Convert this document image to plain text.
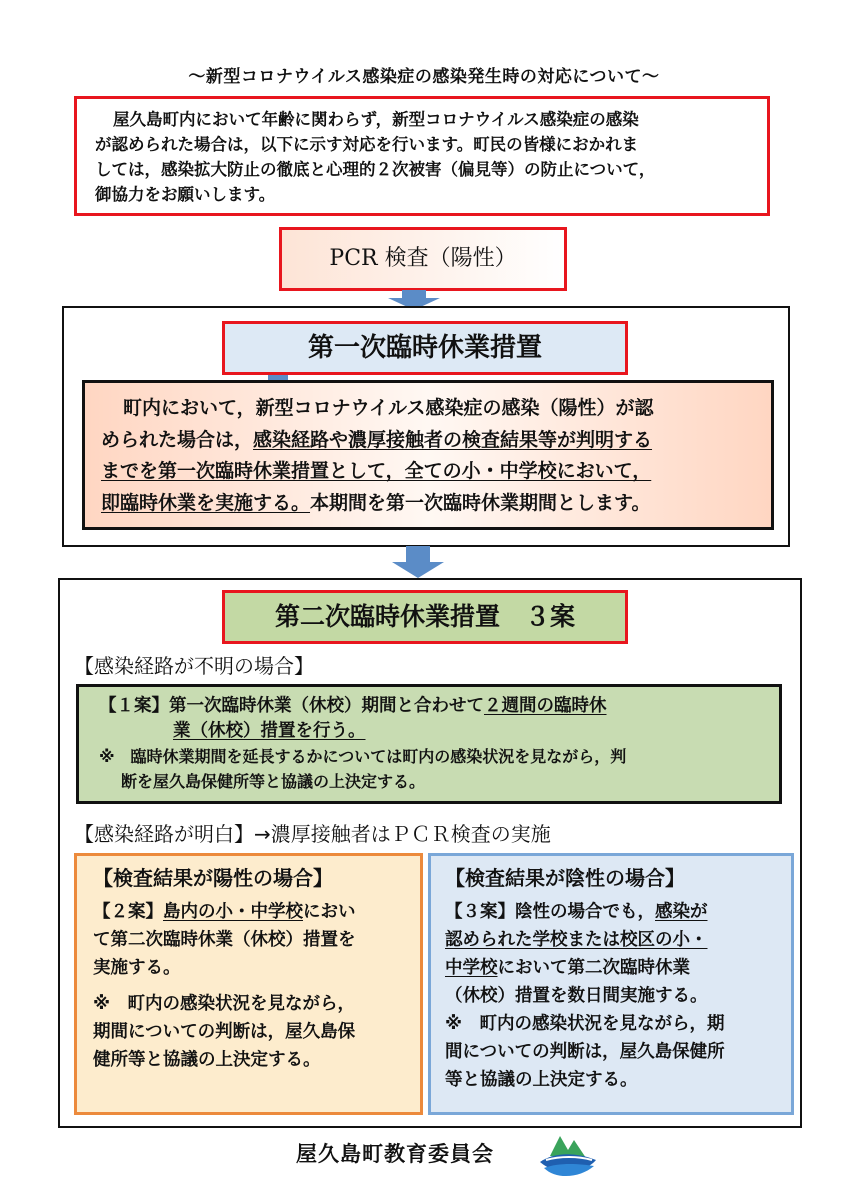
～新型コロナウイルス感染症の感染発生時の対応について～
屋久島町内において年齢に関わらず，新型コロナウイルス感染症の感染
が認められた場合は，以下に示す対応を行います。町民の皆様におかれま
しては，感染拡大防止の徹底と心理的２次被害（偏見等）の防止について，
御協力をお願いします。
PCR 検査（陽性）
第一次臨時休業措置
町内において，新型コロナウイルス感染症の感染（陽性）が認
められた場合は，感染経路や濃厚接触者の検査結果等が判明する
までを第一次臨時休業措置として，全ての小・中学校において，
即臨時休業を実施する。本期間を第一次臨時休業期間とします。
第二次臨時休業措置　３案
【感染経路が不明の場合】
【１案】第一次臨時休業（休校）期間と合わせて２週間の臨時休
業（休校）措置を行う。
※　臨時休業期間を延長するかについては町内の感染状況を見ながら，判
断を屋久島保健所等と協議の上決定する。
【感染経路が明白】→濃厚接触者はＰＣＲ検査の実施
【検査結果が陽性の場合】
【２案】島内の小・中学校におい
て第二次臨時休業（休校）措置を
実施する。
※　町内の感染状況を見ながら，
期間についての判断は，屋久島保
健所等と協議の上決定する。
【検査結果が陰性の場合】
【３案】陰性の場合でも，感染が
認められた学校または校区の小・
中学校において第二次臨時休業
（休校）措置を数日間実施する。
※　町内の感染状況を見ながら，期
間についての判断は，屋久島保健所
等と協議の上決定する。
屋久島町教育委員会
